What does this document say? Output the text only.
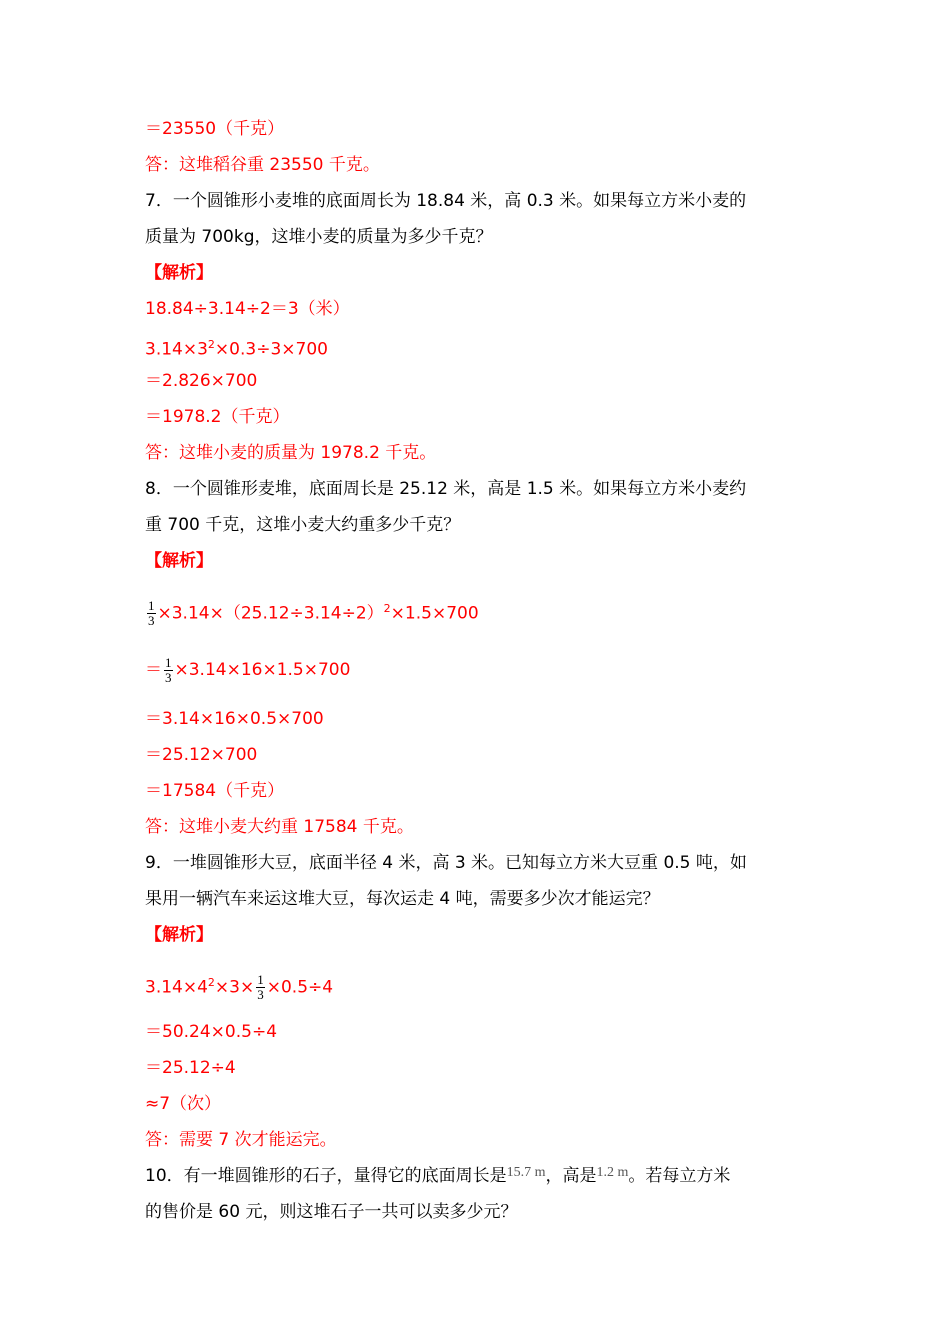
＝23550（千克）
答：这堆稻谷重 23550 千克。
7．一个圆锥形小麦堆的底面周长为 18.84 米，高 0.3 米。如果每立方米小麦的
质量为 700kg，这堆小麦的质量为多少千克？
【解析】
18.84÷3.14÷2＝3（米）
$3.14\times 3^2\times 0.3\div 3\times 700$
＝2.826×700
＝1978.2（千克）
答：这堆小麦的质量为 1978.2 千克。
8．一个圆锥形麦堆，底面周长是 25.12 米，高是 1.5 米。如果每立方米小麦约
重 700 千克，这堆小麦大约重多少千克？
【解析】
$\frac{1}{3} \times 3.14\times(25.12\div 3.14\div 2)^2\times 1.5\times 700$
＝ $\frac{1}{3} \times 3.14\times 16\times 1.5\times 700$
＝3.14×16×0.5×700
＝25.12×700
＝17584（千克）
答：这堆小麦大约重 17584 千克。
9．一堆圆锥形大豆，底面半径 4 米，高 3 米。已知每立方米大豆重 0.5 吨，如
果用一辆汽车来运这堆大豆，每次运走 4 吨，需要多少次才能运完？
【解析】
$3.14\times 4^2\times 3\times \frac{1}{3} \times 0.5\div 4$
＝50.24×0.5÷4
＝25.12÷4
≈7（次）
答：需要 7 次才能运完。
10．有一堆圆锥形的石子，量得它的底面周长是$^{15.7 m}$，高是$^{1.2 m}$。若每立方米
的售价是 60 元，则这堆石子一共可以卖多少元？
